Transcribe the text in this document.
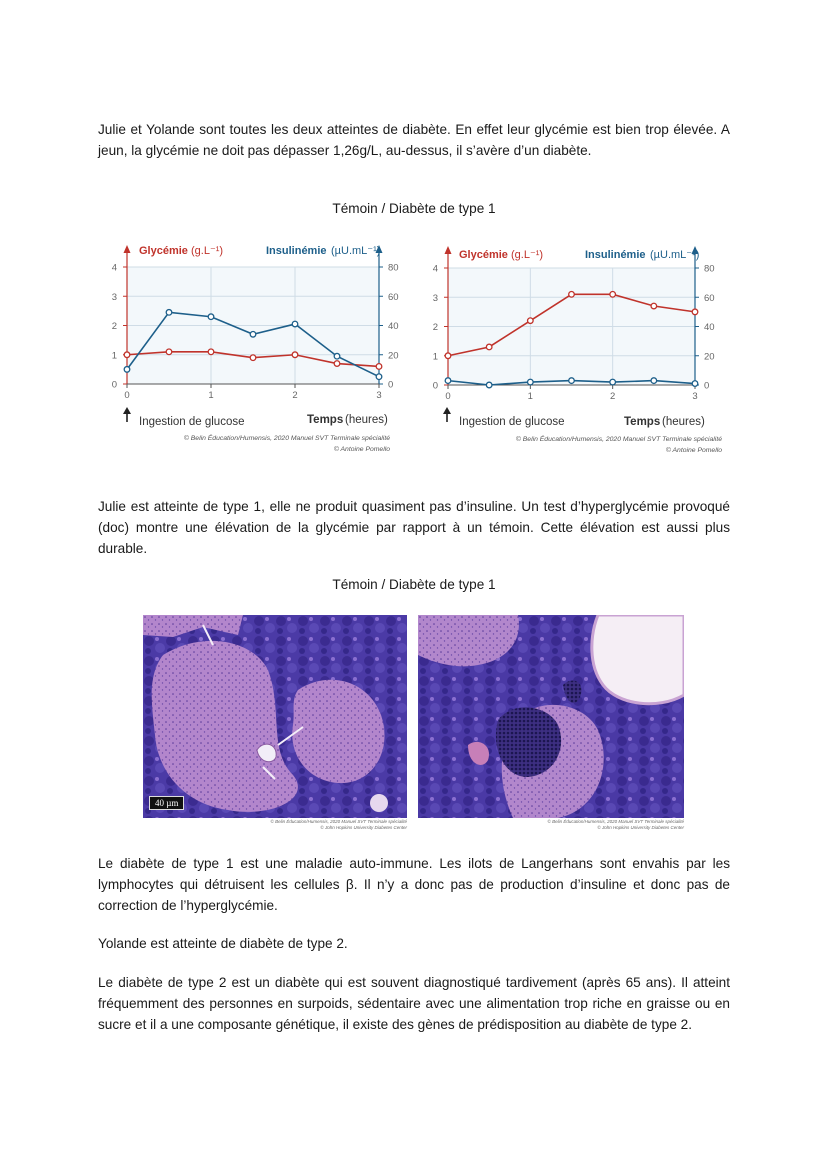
Julie et Yolande sont toutes les deux atteintes de diabète. En effet leur glycémie est bien trop élevée. A jeun, la glycémie ne doit pas dépasser 1,26g/L, au-dessus, il s’avère d’un diabète.

Témoin / Diabète de type 1

Glycémie (g.L⁻¹)	Insulinémie (µU.mL⁻¹)
0
1
2
3
4
0
20
40
60
80
0	1	2	3
Ingestion de glucose	Temps (heures)
© Belin Éducation/Humensis, 2020 Manuel SVT Terminale spécialité
© Antoine Pomello
Glycémie (g.L⁻¹)	Insulinémie (µU.mL⁻¹)
0
1
2
3
4
0
20
40
60
80
0	1	2	3
Ingestion de glucose	Temps (heures)
© Belin Éducation/Humensis, 2020 Manuel SVT Terminale spécialité
© Antoine Pomello

Julie est atteinte de type 1, elle ne produit quasiment pas d’insuline. Un test d’hyperglycémie provoqué (doc) montre une élévation de la glycémie par rapport à un témoin. Cette élévation est aussi plus durable.

Témoin / Diabète de type 1

40 µm
© Belin Éducation/Humensis, 2020 Manuel SVT Terminale spécialité
© John Hopkins University Diabetes Center
© Belin Éducation/Humensis, 2020 Manuel SVT Terminale spécialité
© John Hopkins University Diabetes Center

Le diabète de type 1 est une maladie auto-immune. Les ilots de Langerhans sont envahis par les lymphocytes qui détruisent les cellules β. Il n’y a donc pas de production d’insuline et donc pas de correction de l’hyperglycémie.

Yolande est atteinte de diabète de type 2.

Le diabète de type 2 est un diabète qui est souvent diagnostiqué tardivement (après 65 ans). Il atteint fréquemment des personnes en surpoids, sédentaire avec une alimentation trop riche en graisse ou en sucre et il a une composante génétique, il existe des gènes de prédisposition au diabète de type 2.
